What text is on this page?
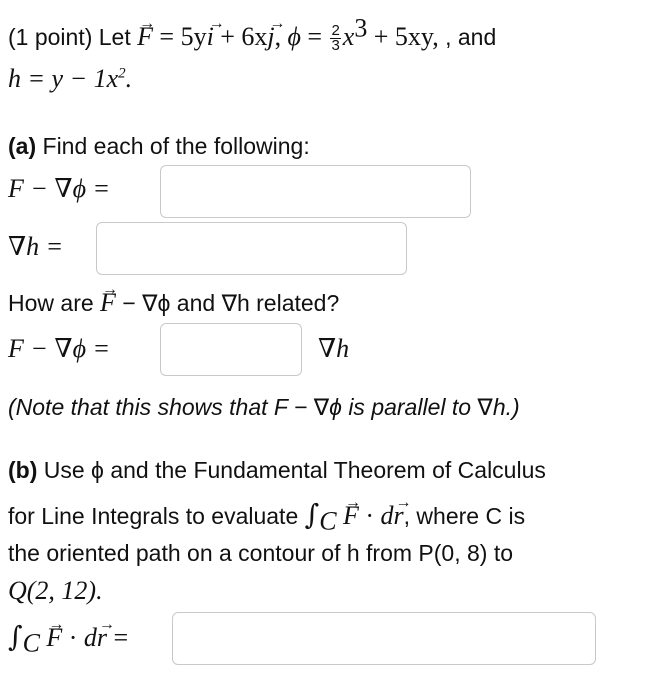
(1 point) Let → F = 5y→ i + 6x→ j, $\phi = \frac{2}{3} x^3 + 5xy$, , and
$h = y - 1x^2$.
(a) Find each of the following:
F − ∇ϕ =
∇h =
How are → F − ∇ϕ and ∇h related?
F − ∇ϕ =	∇h
(Note that this shows that F − ∇ϕ is parallel to ∇h.)
(b) Use ϕ and the Fundamental Theorem of Calculus
for Line Integrals to evaluate $\int_C \to F \cdot d\to r$, where C is
the oriented path on a contour of h from P(0, 8) to
Q(2, 12).
$\int_C \to F \cdot d\to r$ =
